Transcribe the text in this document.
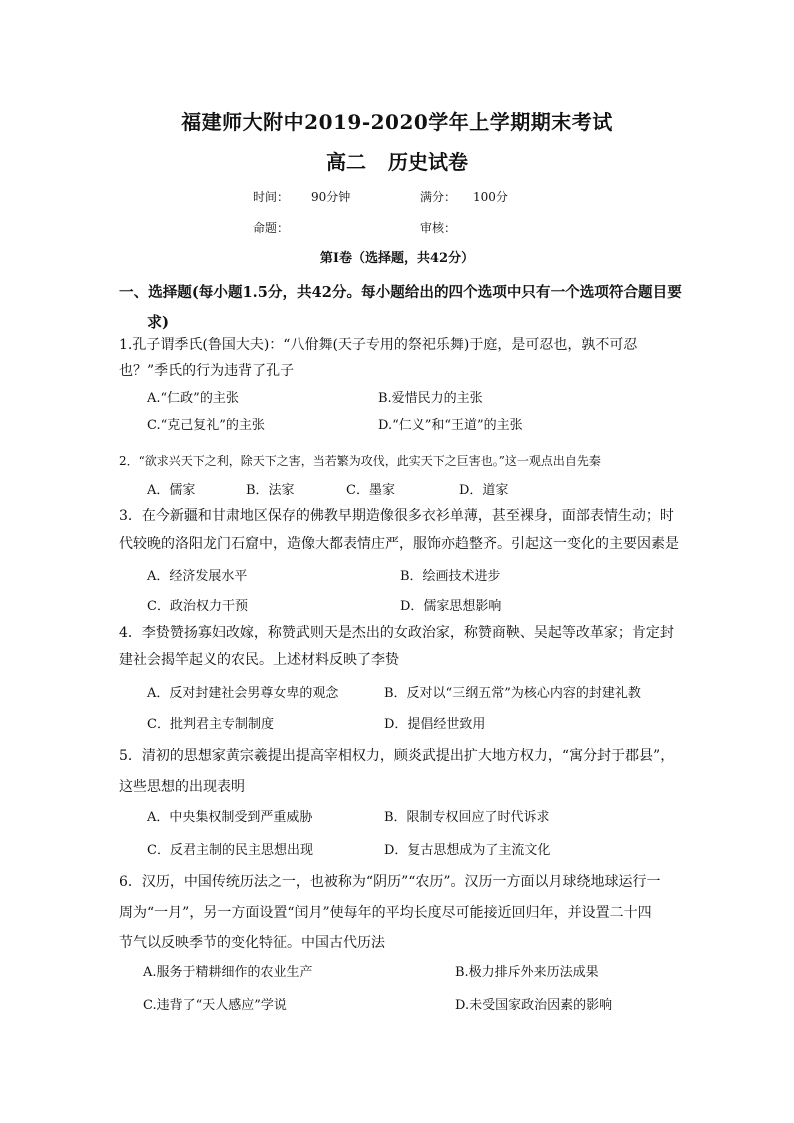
福建师大附中2019-2020学年上学期期末考试
高二 历史试卷
时间： 90分钟	满分： 100分
命题：	审核：
第Ⅰ卷（选择题，共42分）
一、选择题(每小题1.5分，共42分。每小题给出的四个选项中只有一个选项符合题目要
求)
1.孔子谓季氏(鲁国大夫)：“八佾舞(天子专用的祭祀乐舞)于庭，是可忍也，孰不可忍
也？”季氏的行为违背了孔子
A.“仁政”的主张	B.爱惜民力的主张
C.“克己复礼”的主张	D.“仁义”和“王道”的主张
2．“欲求兴天下之利，除天下之害，当若繁为攻伐，此实天下之巨害也。”这一观点出自先秦
A．儒家	B．法家	C．墨家	D．道家
3．在今新疆和甘肃地区保存的佛教早期造像很多衣衫单薄，甚至裸身，面部表情生动；时
代较晚的洛阳龙门石窟中，造像大都表情庄严，服饰亦趋整齐。引起这一变化的主要因素是
A．经济发展水平	B．绘画技术进步
C．政治权力干预	D．儒家思想影响
4．李贽赞扬寡妇改嫁，称赞武则天是杰出的女政治家，称赞商鞅、吴起等改革家；肯定封
建社会揭竿起义的农民。上述材料反映了李贽
A．反对封建社会男尊女卑的观念	B．反对以“三纲五常”为核心内容的封建礼教
C．批判君主专制制度	D．提倡经世致用
5．清初的思想家黄宗羲提出提高宰相权力，顾炎武提出扩大地方权力，“寓分封于郡县”，
这些思想的出现表明
A．中央集权制受到严重威胁	B．限制专权回应了时代诉求
C．反君主制的民主思想出现	D．复古思想成为了主流文化
6．汉历，中国传统历法之一，也被称为“阴历”“农历”。汉历一方面以月球绕地球运行一
周为“一月”，另一方面设置“闰月”使每年的平均长度尽可能接近回归年，并设置二十四
节气以反映季节的变化特征。中国古代历法
A.服务于精耕细作的农业生产	B.极力排斥外来历法成果
C.违背了“天人感应”学说	D.未受国家政治因素的影响
